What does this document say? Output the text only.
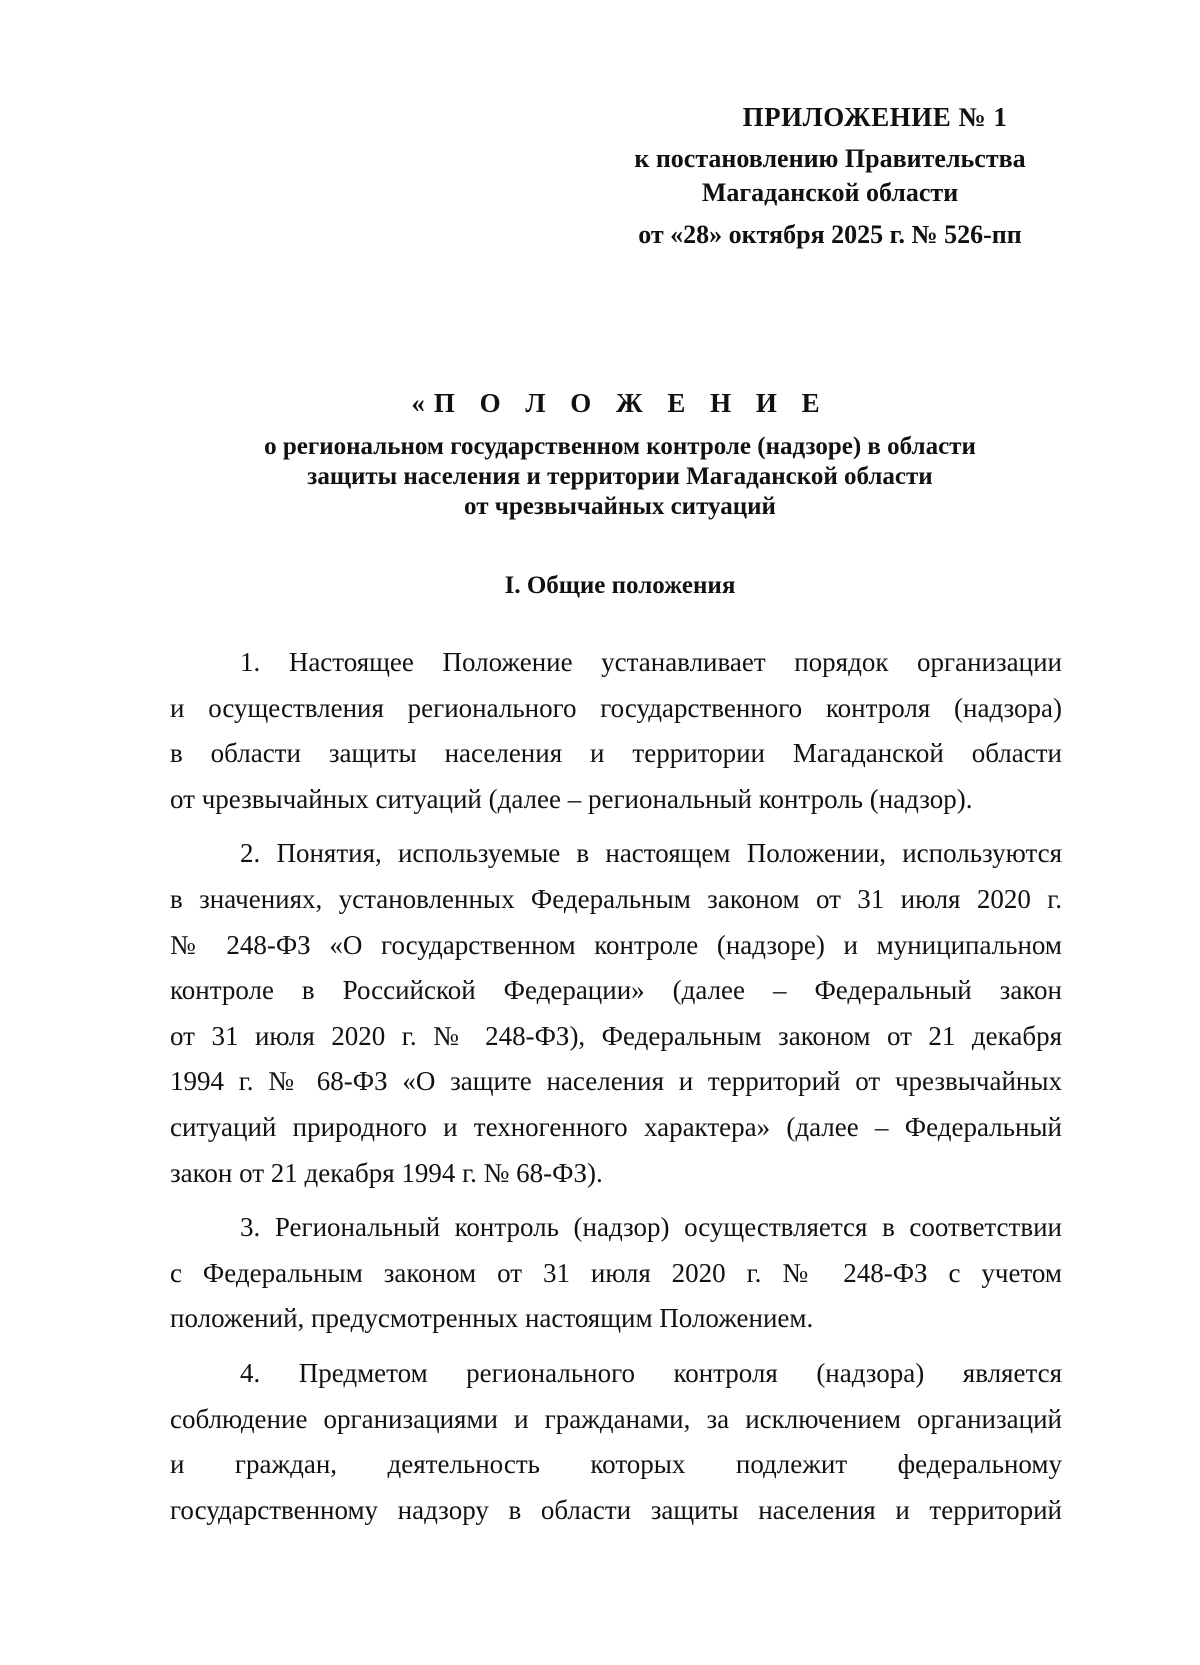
ПРИЛОЖЕНИЕ № 1
к постановлению Правительства
Магаданской области
от «28» октября 2025 г. № 526-пп
«П О Л О Ж Е Н И Е
о региональном государственном контроле (надзоре) в области
защиты населения и территории Магаданской области
от чрезвычайных ситуаций
I. Общие положения
1. Настоящее Положение устанавливает порядок организации
и осуществления регионального государственного контроля (надзора)
в области защиты населения и территории Магаданской области
от чрезвычайных ситуаций (далее – региональный контроль (надзор).
2. Понятия, используемые в настоящем Положении, используются
в значениях, установленных Федеральным законом от 31 июля 2020 г.
№ 248-ФЗ «О государственном контроле (надзоре) и муниципальном
контроле в Российской Федерации» (далее – Федеральный закон
от 31 июля 2020 г. № 248-ФЗ), Федеральным законом от 21 декабря
1994 г. № 68-ФЗ «О защите населения и территорий от чрезвычайных
ситуаций природного и техногенного характера» (далее – Федеральный
закон от 21 декабря 1994 г. № 68-ФЗ).
3. Региональный контроль (надзор) осуществляется в соответствии
с Федеральным законом от 31 июля 2020 г. № 248-ФЗ с учетом
положений, предусмотренных настоящим Положением.
4. Предметом регионального контроля (надзора) является
соблюдение организациями и гражданами, за исключением организаций
и граждан, деятельность которых подлежит федеральному
государственному надзору в области защиты населения и территорий
